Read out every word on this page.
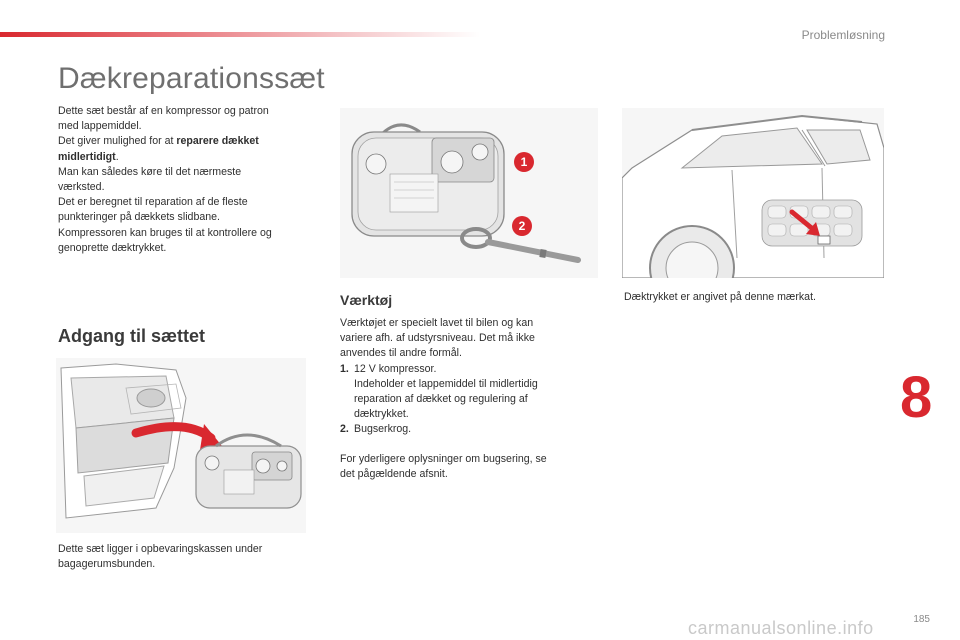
Problemløsning
Dækreparationssæt
Dette sæt består af en kompressor og patron
med lappemiddel.
Det giver mulighed for at reparere dækket
midlertidigt.
Man kan således køre til det nærmeste
værksted.
Det er beregnet til reparation af de fleste
punkteringer på dækkets slidbane.
Kompressoren kan bruges til at kontrollere og
genoprette dæktrykket.
Adgang til sættet
Dette sæt ligger i opbevaringskassen under
bagagerumsbunden.
1
2
Værktøj
Værktøjet er specielt lavet til bilen og kan
variere afh. af udstyrsniveau. Det må ikke
anvendes til andre formål.
1. 12 V kompressor.
Indeholder et lappemiddel til midlertidig
reparation af dækket og regulering af
dæktrykket.
2. Bugserkrog.
For yderligere oplysninger om bugsering, se
det pågældende afsnit.
Dæktrykket er angivet på denne mærkat.
8
185
carmanualsonline.info
